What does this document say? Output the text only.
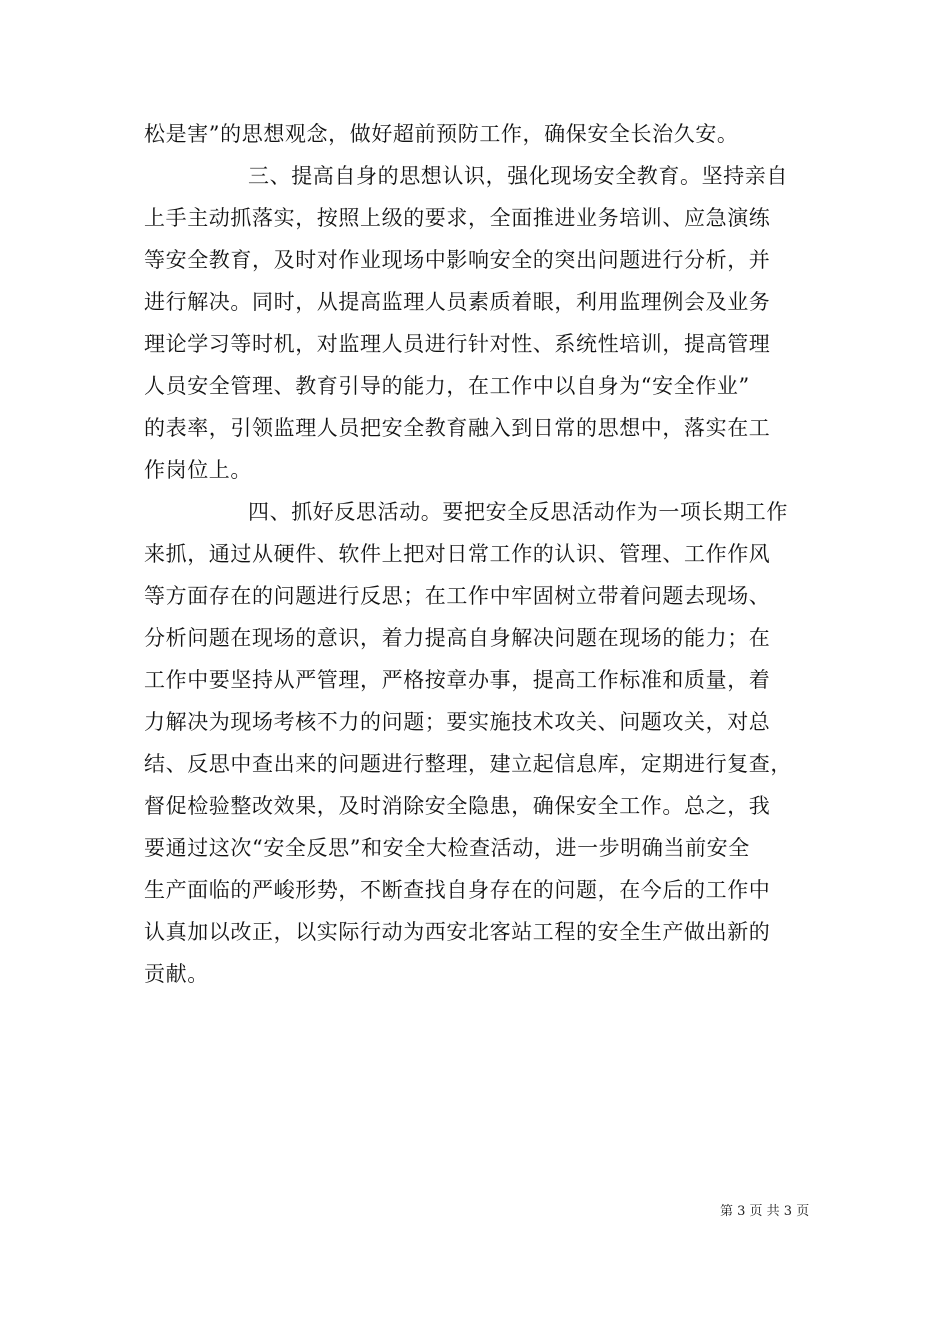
松是害”的思想观念，做好超前预防工作，确保安全长治久安。
三、提高自身的思想认识，强化现场安全教育。坚持亲自
上手主动抓落实，按照上级的要求，全面推进业务培训、应急演练
等安全教育，及时对作业现场中影响安全的突出问题进行分析，并
进行解决。同时，从提高监理人员素质着眼，利用监理例会及业务
理论学习等时机，对监理人员进行针对性、系统性培训，提高管理
人员安全管理、教育引导的能力，在工作中以自身为“安全作业”
的表率，引领监理人员把安全教育融入到日常的思想中，落实在工
作岗位上。
四、抓好反思活动。要把安全反思活动作为一项长期工作
来抓，通过从硬件、软件上把对日常工作的认识、管理、工作作风
等方面存在的问题进行反思；在工作中牢固树立带着问题去现场、
分析问题在现场的意识，着力提高自身解决问题在现场的能力；在
工作中要坚持从严管理，严格按章办事，提高工作标准和质量，着
力解决为现场考核不力的问题；要实施技术攻关、问题攻关，对总
结、反思中查出来的问题进行整理，建立起信息库，定期进行复查，
督促检验整改效果，及时消除安全隐患，确保安全工作。总之，我
要通过这次“安全反思”和安全大检查活动，进一步明确当前安全
生产面临的严峻形势，不断查找自身存在的问题，在今后的工作中
认真加以改正，以实际行动为西安北客站工程的安全生产做出新的
贡献。
第 3 页 共 3 页
